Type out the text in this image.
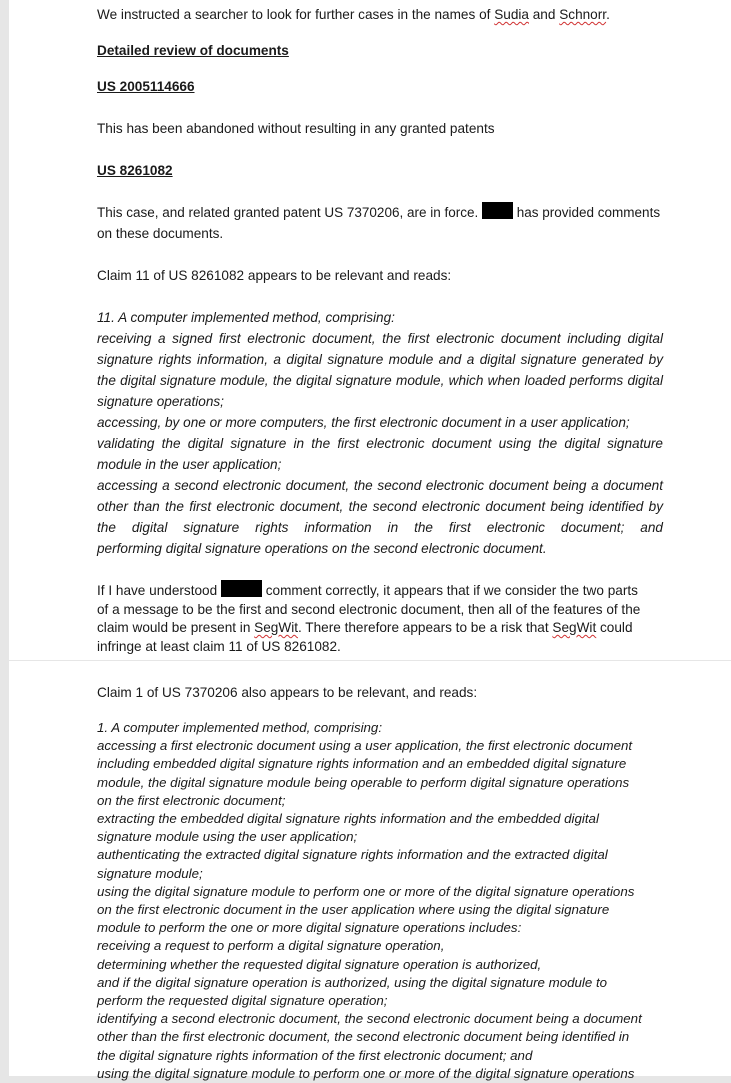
We instructed a searcher to look for further cases in the names of Sudia and Schnorr.
Detailed review of documents
US 2005114666
This has been abandoned without resulting in any granted patents
US 8261082
This case, and related granted patent US 7370206, are in force.  has provided comments
on these documents.
Claim 11 of US 8261082 appears to be relevant and reads:
11. A computer implemented method, comprising:
receiving a signed first electronic document, the first electronic document including digital
signature rights information, a digital signature module and a digital signature generated by
the digital signature module, the digital signature module, which when loaded performs digital
signature operations;
accessing, by one or more computers, the first electronic document in a user application;
validating the digital signature in the first electronic document using the digital signature
module in the user application;
accessing a second electronic document, the second electronic document being a document
other than the first electronic document, the second electronic document being identified by
the digital signature rights information in the first electronic document; and
performing digital signature operations on the second electronic document.
If I have understood	comment correctly, it appears that if we consider the two parts
of a message to be the first and second electronic document, then all of the features of the
claim would be present in SegWit. There therefore appears to be a risk that SegWit could
infringe at least claim 11 of US 8261082.
Claim 1 of US 7370206 also appears to be relevant, and reads:
1. A computer implemented method, comprising:
accessing a first electronic document using a user application, the first electronic document
including embedded digital signature rights information and an embedded digital signature
module, the digital signature module being operable to perform digital signature operations
on the first electronic document;
extracting the embedded digital signature rights information and the embedded digital
signature module using the user application;
authenticating the extracted digital signature rights information and the extracted digital
signature module;
using the digital signature module to perform one or more of the digital signature operations
on the first electronic document in the user application where using the digital signature
module to perform the one or more digital signature operations includes:
receiving a request to perform a digital signature operation,
determining whether the requested digital signature operation is authorized,
and if the digital signature operation is authorized, using the digital signature module to
perform the requested digital signature operation;
identifying a second electronic document, the second electronic document being a document
other than the first electronic document, the second electronic document being identified in
the digital signature rights information of the first electronic document; and
using the digital signature module to perform one or more of the digital signature operations
